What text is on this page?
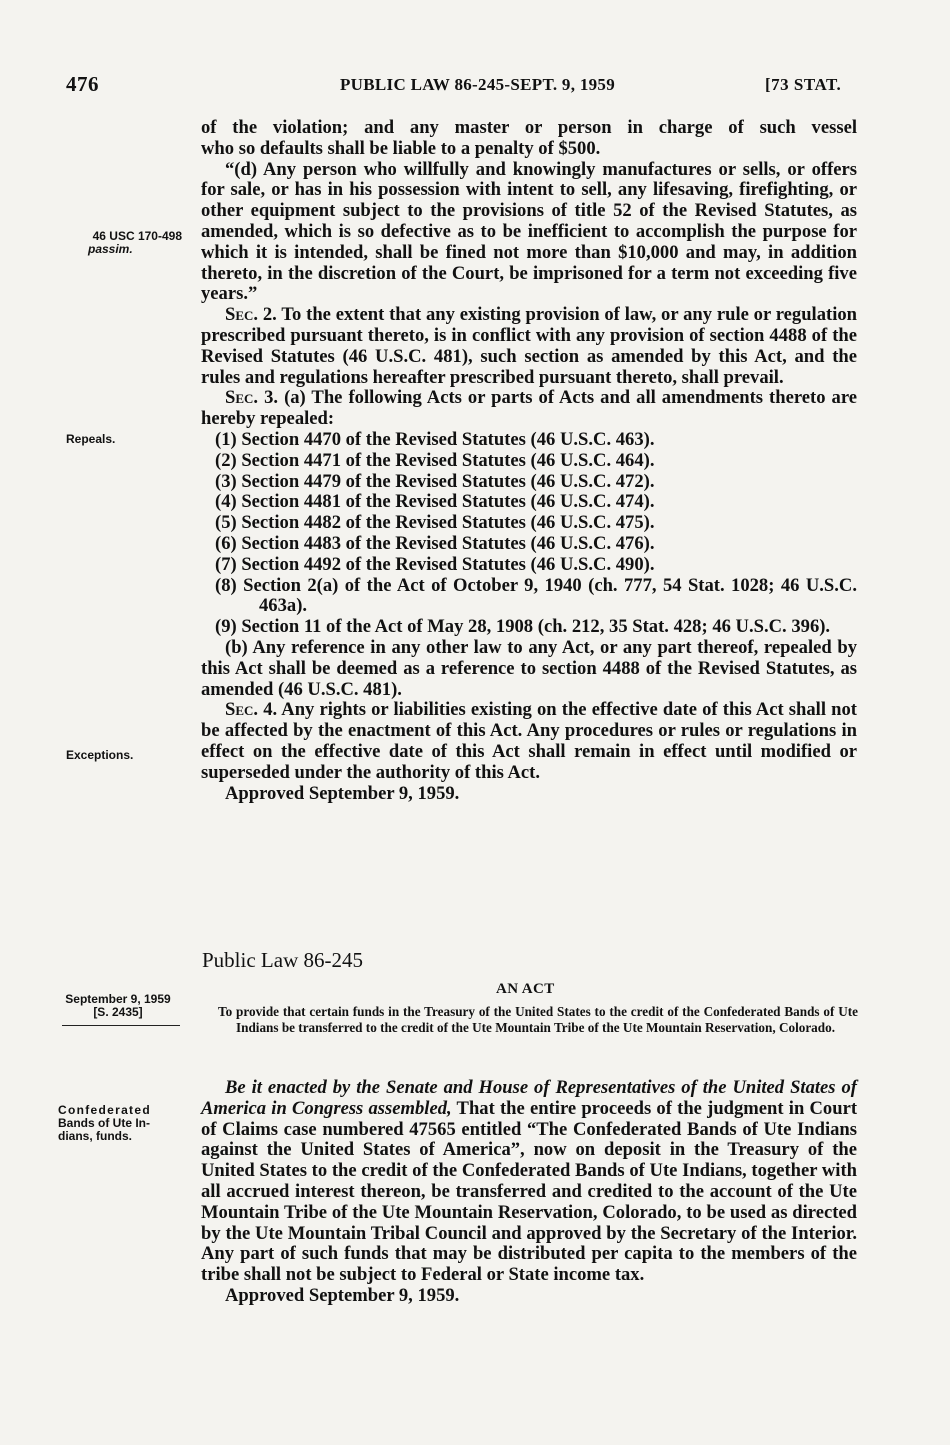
476	PUBLIC LAW 86-245-SEPT. 9, 1959	[73 STAT.
46 USC 170-498
passim.
Repeals.
Exceptions.
September 9, 1959
[S. 2435]
Confederated
Bands of Ute In-
dians, funds.

of the violation; and any master or person in charge of such vessel

who so defaults shall be liable to a penalty of $500.

“(d) Any person who willfully and knowingly manufactures or sells, or offers for sale, or has in his possession with intent to sell, any lifesaving, firefighting, or other equipment subject to the provisions of title 52 of the Revised Statutes, as amended, which is so defective as to be inefficient to accomplish the purpose for which it is intended, shall be fined not more than $10,000 and may, in addition thereto, in the discretion of the Court, be imprisoned for a term not exceeding five years.”

Sec. 2. To the extent that any existing provision of law, or any rule or regulation prescribed pursuant thereto, is in conflict with any provision of section 4488 of the Revised Statutes (46 U.S.C. 481), such section as amended by this Act, and the rules and regulations hereafter prescribed pursuant thereto, shall prevail.

Sec. 3. (a) The following Acts or parts of Acts and all amendments thereto are hereby repealed:

(1) Section 4470 of the Revised Statutes (46 U.S.C. 463).

(2) Section 4471 of the Revised Statutes (46 U.S.C. 464).

(3) Section 4479 of the Revised Statutes (46 U.S.C. 472).

(4) Section 4481 of the Revised Statutes (46 U.S.C. 474).

(5) Section 4482 of the Revised Statutes (46 U.S.C. 475).

(6) Section 4483 of the Revised Statutes (46 U.S.C. 476).

(7) Section 4492 of the Revised Statutes (46 U.S.C. 490).

(8) Section 2(a) of the Act of October 9, 1940 (ch. 777, 54 Stat. 1028; 46 U.S.C. 463a).

(9) Section 11 of the Act of May 28, 1908 (ch. 212, 35 Stat. 428; 46 U.S.C. 396).

(b) Any reference in any other law to any Act, or any part thereof, repealed by this Act shall be deemed as a reference to section 4488 of the Revised Statutes, as amended (46 U.S.C. 481).

Sec. 4. Any rights or liabilities existing on the effective date of this Act shall not be affected by the enactment of this Act. Any procedures or rules or regulations in effect on the effective date of this Act shall remain in effect until modified or superseded under the authority of this Act.

Approved September 9, 1959.

Public Law 86-245
AN ACT

To provide that certain funds in the Treasury of the United States to the credit of the Confederated Bands of Ute Indians be transferred to the credit of the Ute Mountain Tribe of the Ute Mountain Reservation, Colorado.

Be it enacted by the Senate and House of Representatives of the United States of America in Congress assembled, That the entire proceeds of the judgment in Court of Claims case numbered 47565 entitled “The Confederated Bands of Ute Indians against the United States of America”, now on deposit in the Treasury of the United States to the credit of the Confederated Bands of Ute Indians, together with all accrued interest thereon, be transferred and credited to the account of the Ute Mountain Tribe of the Ute Mountain Reservation, Colorado, to be used as directed by the Ute Mountain Tribal Council and approved by the Secretary of the Interior. Any part of such funds that may be distributed per capita to the members of the tribe shall not be subject to Federal or State income tax.

Approved September 9, 1959.
